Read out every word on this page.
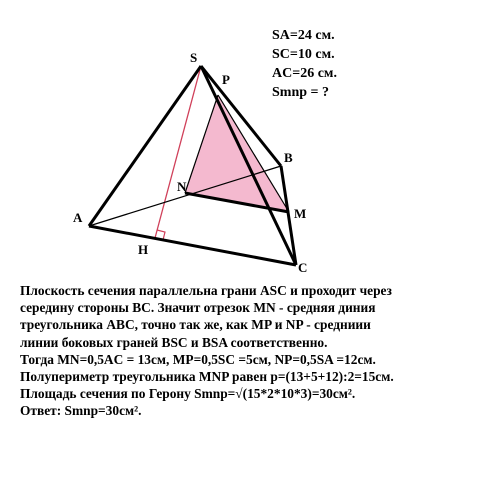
S
P
B
N
M
A
H
C
SA=24 см.
SC=10 см.
AC=26 см.
Smnp = ?
Плоскость сечения параллельна грани ASC и проходит через
середину стороны BC. Значит отрезок MN - средняя диния
треугольника ABC, точно так же, как MP и NP - средниии
линии боковых граней BSC и BSA соответственно.
Тогда MN=0,5AC = 13см, MP=0,5SC =5см, NP=0,5SA =12см.
Полупериметр треугольника MNP равен p=(13+5+12):2=15см.
Площадь сечения по Герону Smnp=√(15*2*10*3)=30см².
Ответ: Smnp=30см².
